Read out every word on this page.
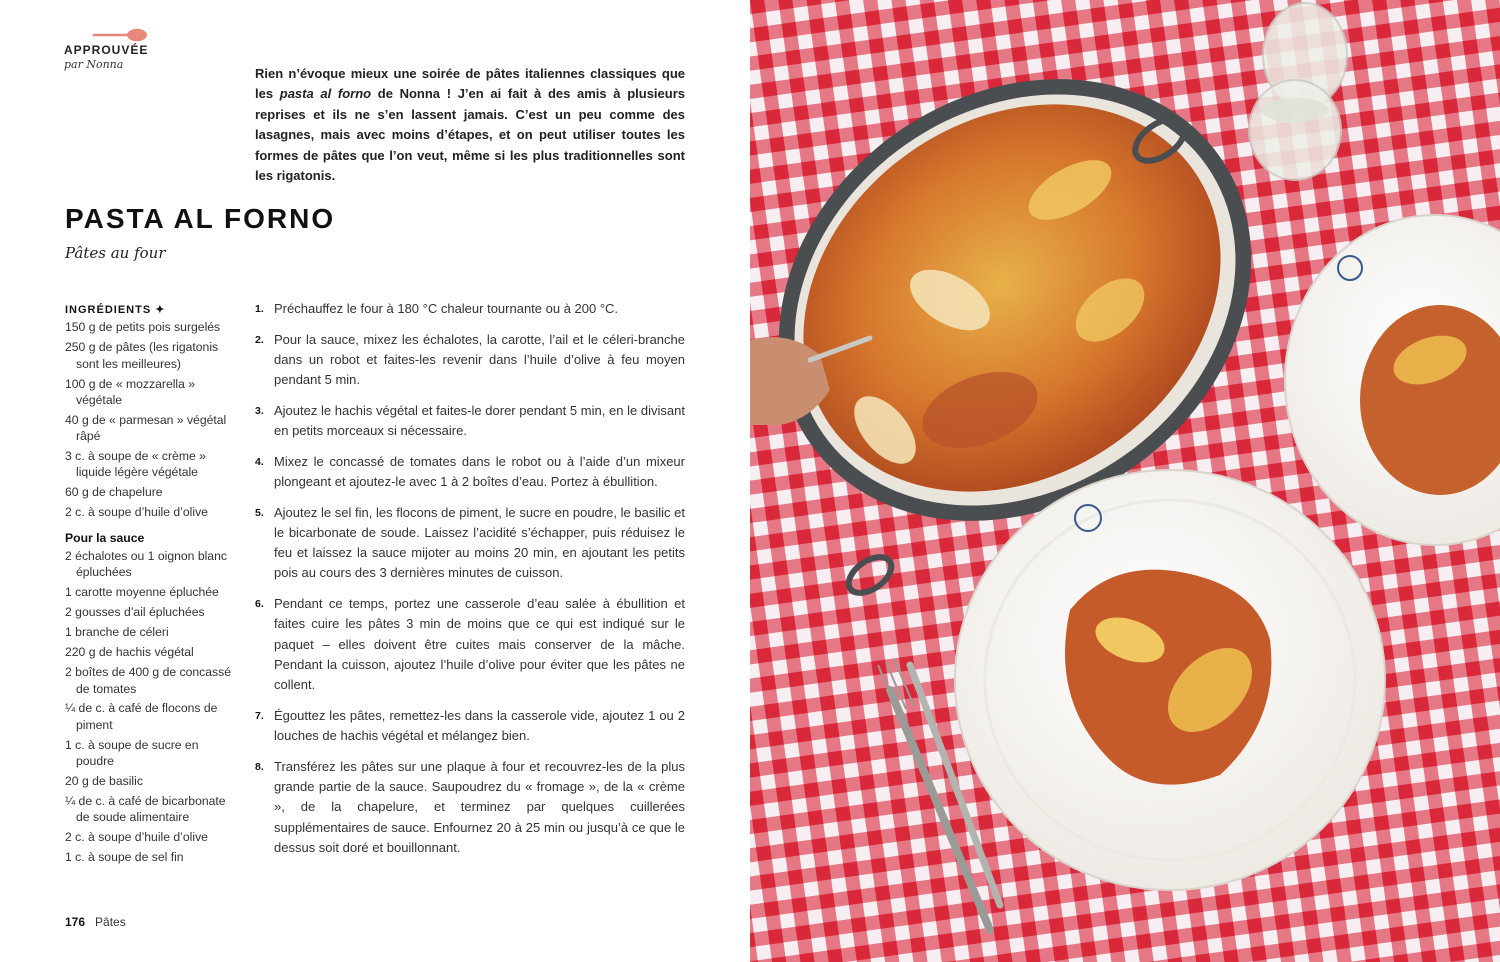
APPROUVÉE
par Nonna

Rien n’évoque mieux une soirée de pâtes italiennes classiques que les pasta al forno de Nonna ! J’en ai fait à des amis à plusieurs reprises et ils ne s’en lassent jamais. C’est un peu comme des lasagnes, mais avec moins d’étapes, et on peut utiliser toutes les formes de pâtes que l’on veut, même si les plus traditionnelles sont les rigatonis.

PASTA AL FORNO
Pâtes au four
INGRÉDIENTS ✦
150 g de petits pois surgelés
250 g de pâtes (les rigatonis sont les meilleures)
100 g de « mozzarella » végétale
40 g de « parmesan » végétal râpé
3 c. à soupe de « crème » liquide légère végétale
60 g de chapelure
2 c. à soupe d’huile d’olive
Pour la sauce
2 échalotes ou 1 oignon blanc épluchées
1 carotte moyenne épluchée
2 gousses d’ail épluchées
1 branche de céleri
220 g de hachis végétal
2 boîtes de 400 g de concassé de tomates
¼ de c. à café de flocons de piment
1 c. à soupe de sucre en poudre
20 g de basilic
¼ de c. à café de bicarbonate de soude alimentaire
2 c. à soupe d’huile d’olive
1 c. à soupe de sel fin
1. Préchauffez le four à 180 °C chaleur tournante ou à 200 °C.
2. Pour la sauce, mixez les échalotes, la carotte, l’ail et le céleri-branche dans un robot et faites-les revenir dans l’huile d’olive à feu moyen pendant 5 min.
3. Ajoutez le hachis végétal et faites-le dorer pendant 5 min, en le divisant en petits morceaux si nécessaire.
4. Mixez le concassé de tomates dans le robot ou à l’aide d’un mixeur plongeant et ajoutez-le avec 1 à 2 boîtes d’eau. Portez à ébullition.
5. Ajoutez le sel fin, les flocons de piment, le sucre en poudre, le basilic et le bicarbonate de soude. Laissez l’acidité s’échapper, puis réduisez le feu et laissez la sauce mijoter au moins 20 min, en ajoutant les petits pois au cours des 3 dernières minutes de cuisson.
6. Pendant ce temps, portez une casserole d’eau salée à ébullition et faites cuire les pâtes 3 min de moins que ce qui est indiqué sur le paquet – elles doivent être cuites mais conserver de la mâche. Pendant la cuisson, ajoutez l’huile d’olive pour éviter que les pâtes ne collent.
7. Égouttez les pâtes, remettez-les dans la casserole vide, ajoutez 1 ou 2 louches de hachis végétal et mélangez bien.
8. Transférez les pâtes sur une plaque à four et recouvrez-les de la plus grande partie de la sauce. Saupoudrez du « fromage », de la « crème », de la chapelure, et terminez par quelques cuillerées supplémentaires de sauce. Enfournez 20 à 25 min ou jusqu’à ce que le dessus soit doré et bouillonnant.
176 Pâtes
